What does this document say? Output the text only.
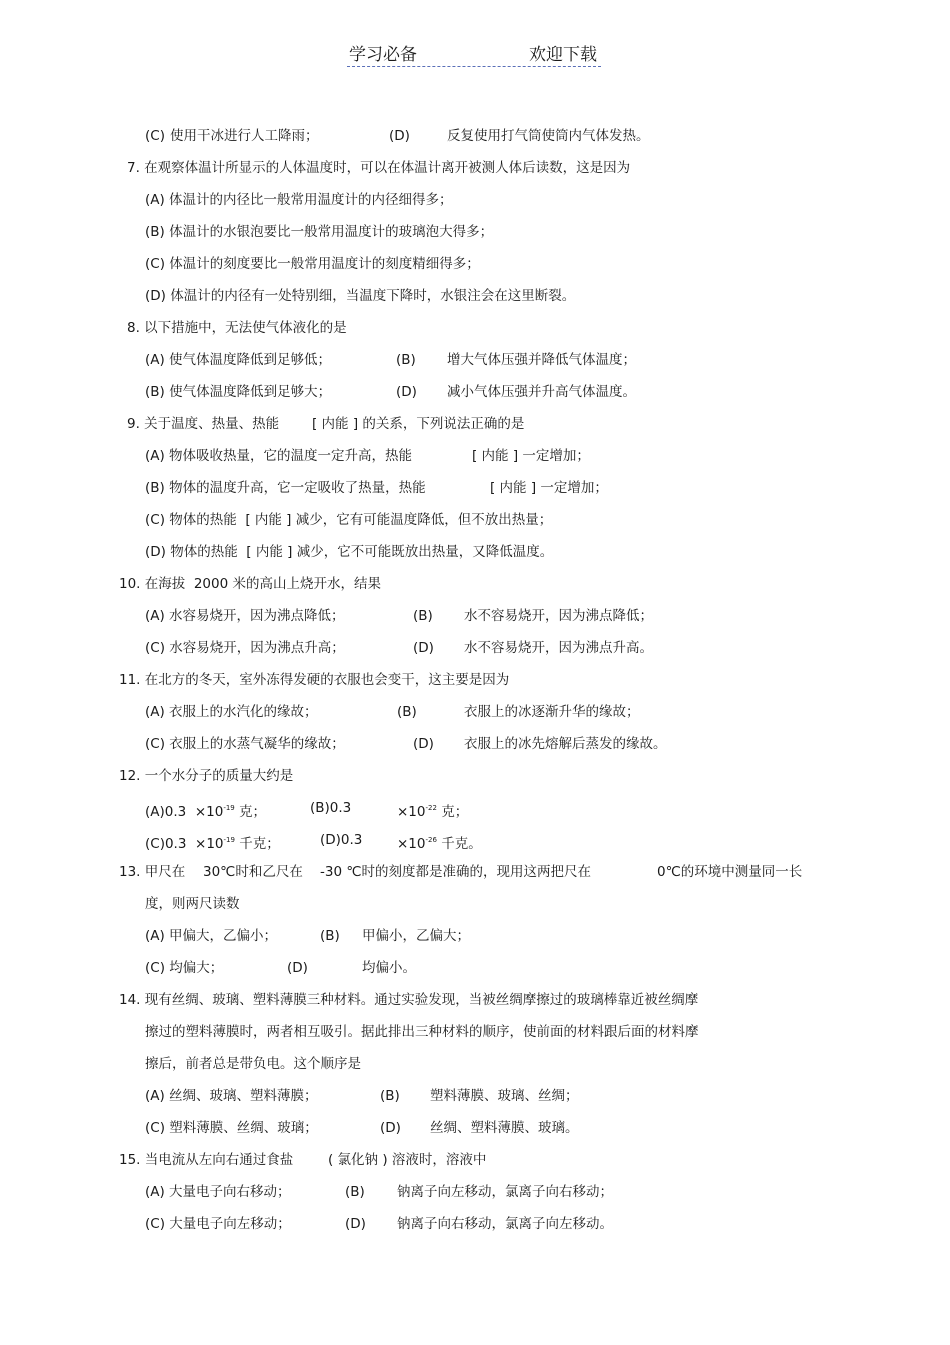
学习必备	欢迎下载

(C)

使用干冰进行人工降雨；

	(D)

	反复使用打气筒使筒内气体发热。

7. 在观察体温计所显示的人体温度时，可以在体温计离开被测人体后读数，这是因为
(A) 体温计的内径比一般常用温度计的内径细得多；
(B) 体温计的水银泡要比一般常用温度计的玻璃泡大得多；
(C) 体温计的刻度要比一般常用温度计的刻度精细得多；
(D) 体温计的内径有一处特别细，当温度下降时，水银注会在这里断裂。
8. 以下措施中，无法使气体液化的是

(A) 使气体温度降低到足够低；

	(B)

增大气体压强并降低气体温度；

(B) 使气体温度降低到足够大；

	(D)

减小气体压强并升高气体温度。

9. 关于温度、热量、热能

[ 内能 ] 的关系，下列说法正确的是

(A) 物体吸收热量，它的温度一定升高，热能

	[ 内能 ] 一定增加；

(B) 物体的温度升高，它一定吸收了热量，热能

	[ 内能 ] 一定增加；

(C) 物体的热能  [ 内能 ] 减少，它有可能温度降低，但不放出热量；
(D) 物体的热能  [ 内能 ] 减少，它不可能既放出热量，又降低温度。
10. 在海拔  2000 米的高山上烧开水，结果

(A) 水容易烧开，因为沸点降低；

	(B)

水不容易烧开，因为沸点降低；

(C) 水容易烧开，因为沸点升高；

	(D)

水不容易烧开，因为沸点升高。

11. 在北方的冬天，室外冻得发硬的衣服也会变干，这主要是因为

(A) 衣服上的水汽化的缘故；

	(B)

	衣服上的冰逐渐升华的缘故；

(C) 衣服上的水蒸气凝华的缘故；

	(D)

衣服上的冰先熔解后蒸发的缘故。

12. 一个水分子的质量大约是

$(A)0.3 \times 10^{-19}$ 克；

	(B)0.3

	$\times 10^{-22}$ 克；

$(C)0.3 \times 10^{-19}$ 千克；

	(D)0.3

	$\times 10^{-26}$ 千克。

13. 甲尺在

30℃时和乙尺在

-30 ℃时的刻度都是准确的，现用这两把尺在

	0℃的环境中测量同一长

度，则两尺读数

(A) 甲偏大，乙偏小；

	(B)

甲偏小，乙偏大；

(C) 均偏大；

	(D)

	均偏小。

14. 现有丝绸、玻璃、塑料薄膜三种材料。通过实验发现，当被丝绸摩擦过的玻璃棒靠近被丝绸摩
擦过的塑料薄膜时，两者相互吸引。据此排出三种材料的顺序，使前面的材料跟后面的材料摩
擦后，前者总是带负电。这个顺序是

(A) 丝绸、玻璃、塑料薄膜；

	(B)

塑料薄膜、玻璃、丝绸；

(C) 塑料薄膜、丝绸、玻璃；

	(D)

丝绸、塑料薄膜、玻璃。

15. 当电流从左向右通过食盐

	( 氯化钠 ) 溶液时，溶液中

(A) 大量电子向右移动；

	(B)

钠离子向左移动，氯离子向右移动；

(C) 大量电子向左移动；

	(D)

钠离子向右移动，氯离子向左移动。
